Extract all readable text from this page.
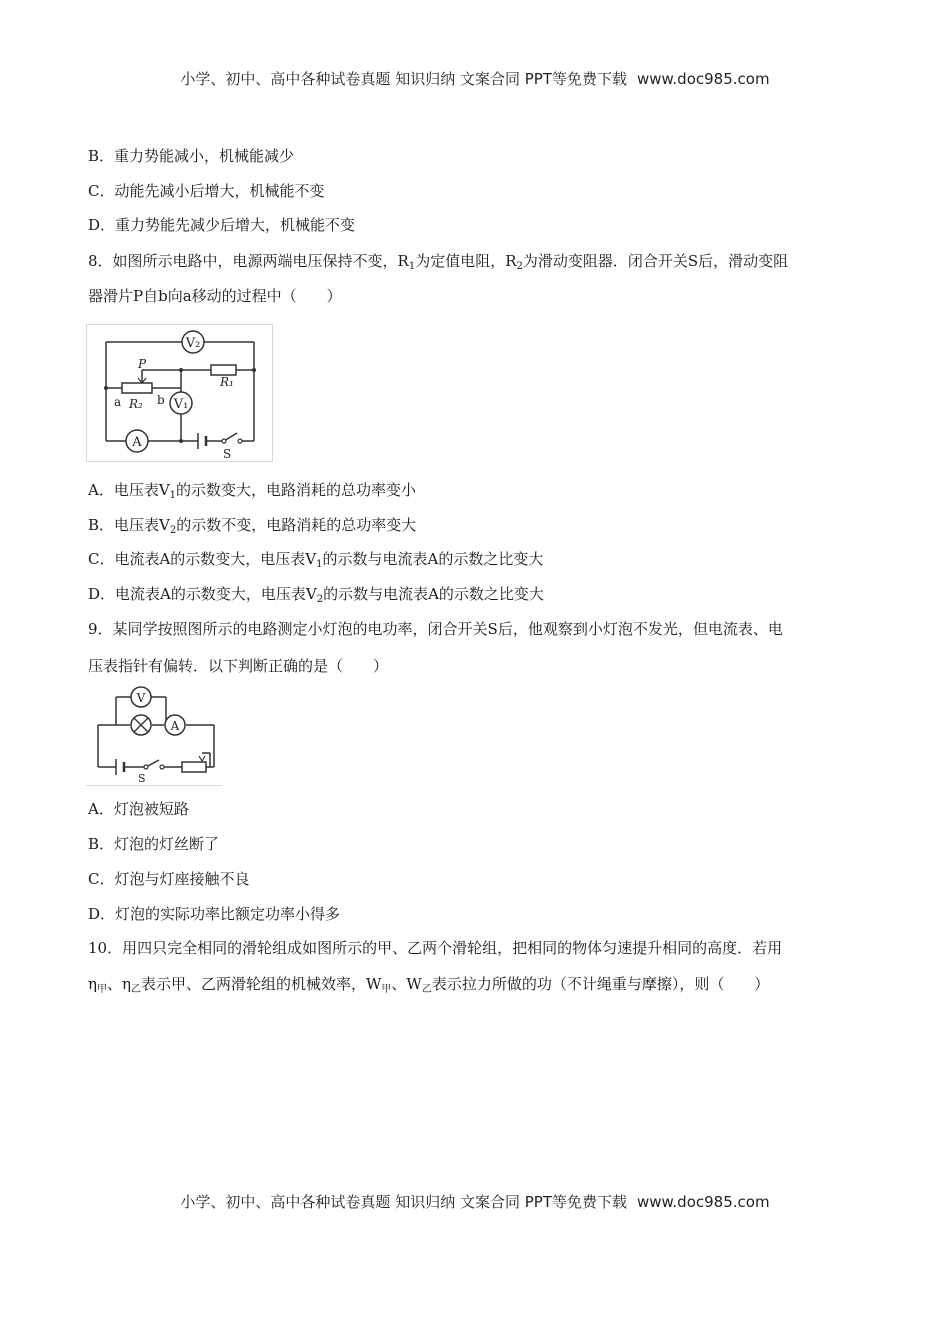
小学、初中、高中各种试卷真题 知识归纳 文案合同 PPT等免费下载 www.doc985.com
B．重力势能减小，机械能减少
C．动能先减小后增大，机械能不变
D．重力势能先减少后增大，机械能不变
8．如图所示电路中，电源两端电压保持不变，$R_1$为定值电阻，$R_2$为滑动变阻器．闭合开关S后，滑动变阻
器滑片P自b向a移动的过程中（　　）
V₂
V₁
A
P
R₁
R₂
a	b
S
A．电压表$V_1$的示数变大，电路消耗的总功率变小
B．电压表$V_2$的示数不变，电路消耗的总功率变大
C．电流表A的示数变大，电压表$V_1$的示数与电流表A的示数之比变大
D．电流表A的示数变大，电压表$V_2$的示数与电流表A的示数之比变大
9．某同学按照图所示的电路测定小灯泡的电功率，闭合开关S后，他观察到小灯泡不发光，但电流表、电
压表指针有偏转．以下判断正确的是（　　）
V
A
S
A．灯泡被短路
B．灯泡的灯丝断了
C．灯泡与灯座接触不良
D．灯泡的实际功率比额定功率小得多
10．用四只完全相同的滑轮组成如图所示的甲、乙两个滑轮组，把相同的物体匀速提升相同的高度．若用
$\eta_甲$、$\eta_乙$表示甲、乙两滑轮组的机械效率，$W_甲$、$W_乙$表示拉力所做的功（不计绳重与摩擦），则（　　）
小学、初中、高中各种试卷真题 知识归纳 文案合同 PPT等免费下载 www.doc985.com
